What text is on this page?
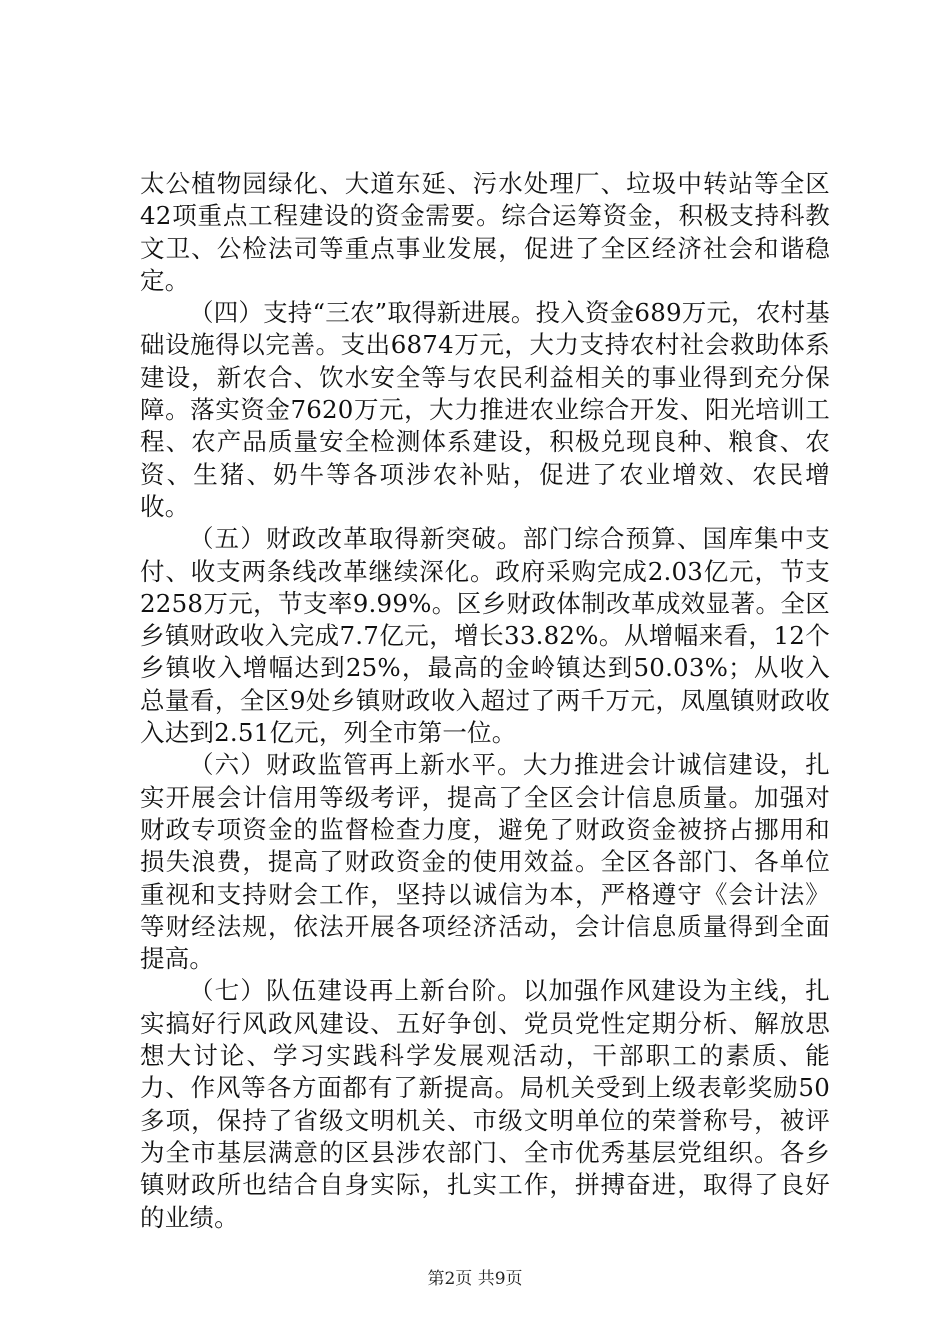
太公植物园绿化、大道东延、污水处理厂、垃圾中转站等全区42项重点工程建设的资金需要。综合运筹资金，积极支持科教文卫、公检法司等重点事业发展，促进了全区经济社会和谐稳定。

（四）支持“三农”取得新进展。投入资金689万元，农村基础设施得以完善。支出6874万元，大力支持农村社会救助体系建设，新农合、饮水安全等与农民利益相关的事业得到充分保障。落实资金7620万元，大力推进农业综合开发、阳光培训工程、农产品质量安全检测体系建设，积极兑现良种、粮食、农资、生猪、奶牛等各项涉农补贴，促进了农业增效、农民增收。

（五）财政改革取得新突破。部门综合预算、国库集中支付、收支两条线改革继续深化。政府采购完成2.03亿元，节支2258万元，节支率9.99%。区乡财政体制改革成效显著。全区乡镇财政收入完成7.7亿元，增长33.82%。从增幅来看，12个乡镇收入增幅达到25%，最高的金岭镇达到50.03%；从收入总量看，全区9处乡镇财政收入超过了两千万元，凤凰镇财政收入达到2.51亿元，列全市第一位。

（六）财政监管再上新水平。大力推进会计诚信建设，扎实开展会计信用等级考评，提高了全区会计信息质量。加强对财政专项资金的监督检查力度，避免了财政资金被挤占挪用和损失浪费，提高了财政资金的使用效益。全区各部门、各单位重视和支持财会工作，坚持以诚信为本，严格遵守《会计法》等财经法规，依法开展各项经济活动，会计信息质量得到全面提高。

（七）队伍建设再上新台阶。以加强作风建设为主线，扎实搞好行风政风建设、五好争创、党员党性定期分析、解放思想大讨论、学习实践科学发展观活动，干部职工的素质、能力、作风等各方面都有了新提高。局机关受到上级表彰奖励50多项，保持了省级文明机关、市级文明单位的荣誉称号，被评为全市基层满意的区县涉农部门、全市优秀基层党组织。各乡镇财政所也结合自身实际，扎实工作，拼搏奋进，取得了良好的业绩。

第2页 共9页
